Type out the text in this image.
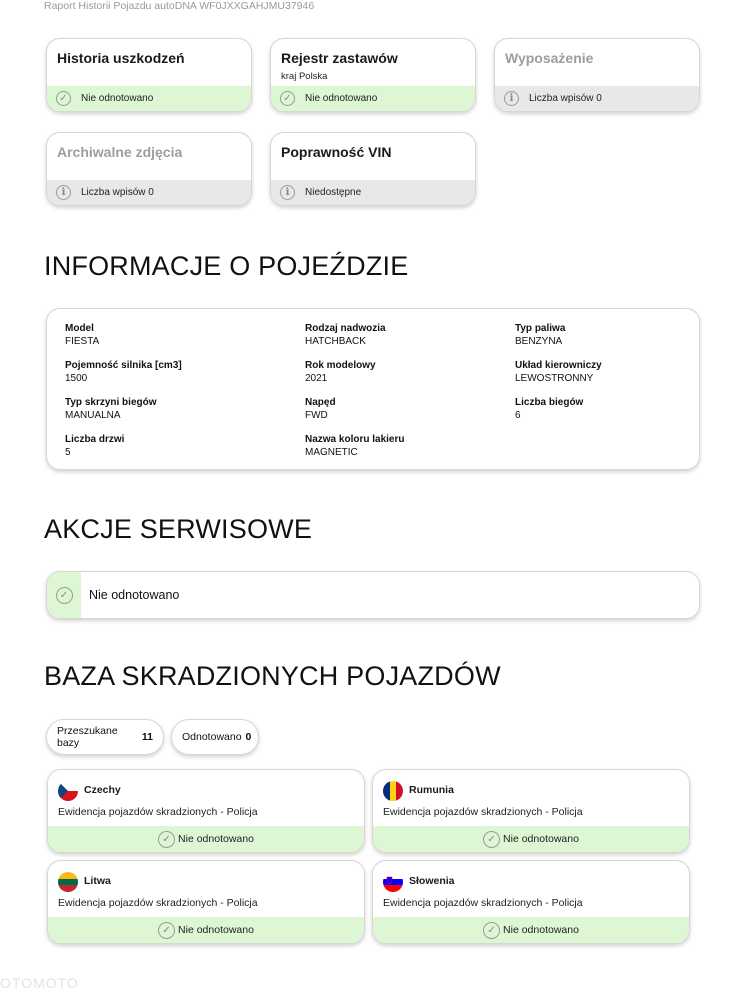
Raport Historii Pojazdu autoDNA WF0JXXGAHJMU37946
Historia uszkodzeń
✓	Nie odnotowano
Rejestr zastawów
kraj Polska
✓	Nie odnotowano
Wyposażenie
i	Liczba wpisów 0
Archiwalne zdjęcia
i	Liczba wpisów 0
Poprawność VIN
i	Niedostępne
INFORMACJE O POJEŹDZIE
Model
FIESTA
Rodzaj nadwozia
HATCHBACK
Typ paliwa
BENZYNA
Pojemność silnika [cm3]
1500
Rok modelowy
2021
Układ kierowniczy
LEWOSTRONNY
Typ skrzyni biegów
MANUALNA
Napęd
FWD
Liczba biegów
6
Liczba drzwi
5
Nazwa koloru lakieru
MAGNETIC
AKCJE SERWISOWE
✓	Nie odnotowano
BAZA SKRADZIONYCH POJAZDÓW
Przeszukane bazy	11	Odnotowano 0
Czechy
Ewidencja pojazdów skradzionych - Policja
✓ Nie odnotowano
Rumunia
Ewidencja pojazdów skradzionych - Policja
✓ Nie odnotowano
Litwa
Ewidencja pojazdów skradzionych - Policja
✓ Nie odnotowano
Słowenia
Ewidencja pojazdów skradzionych - Policja
✓ Nie odnotowano
OTOMOTO
